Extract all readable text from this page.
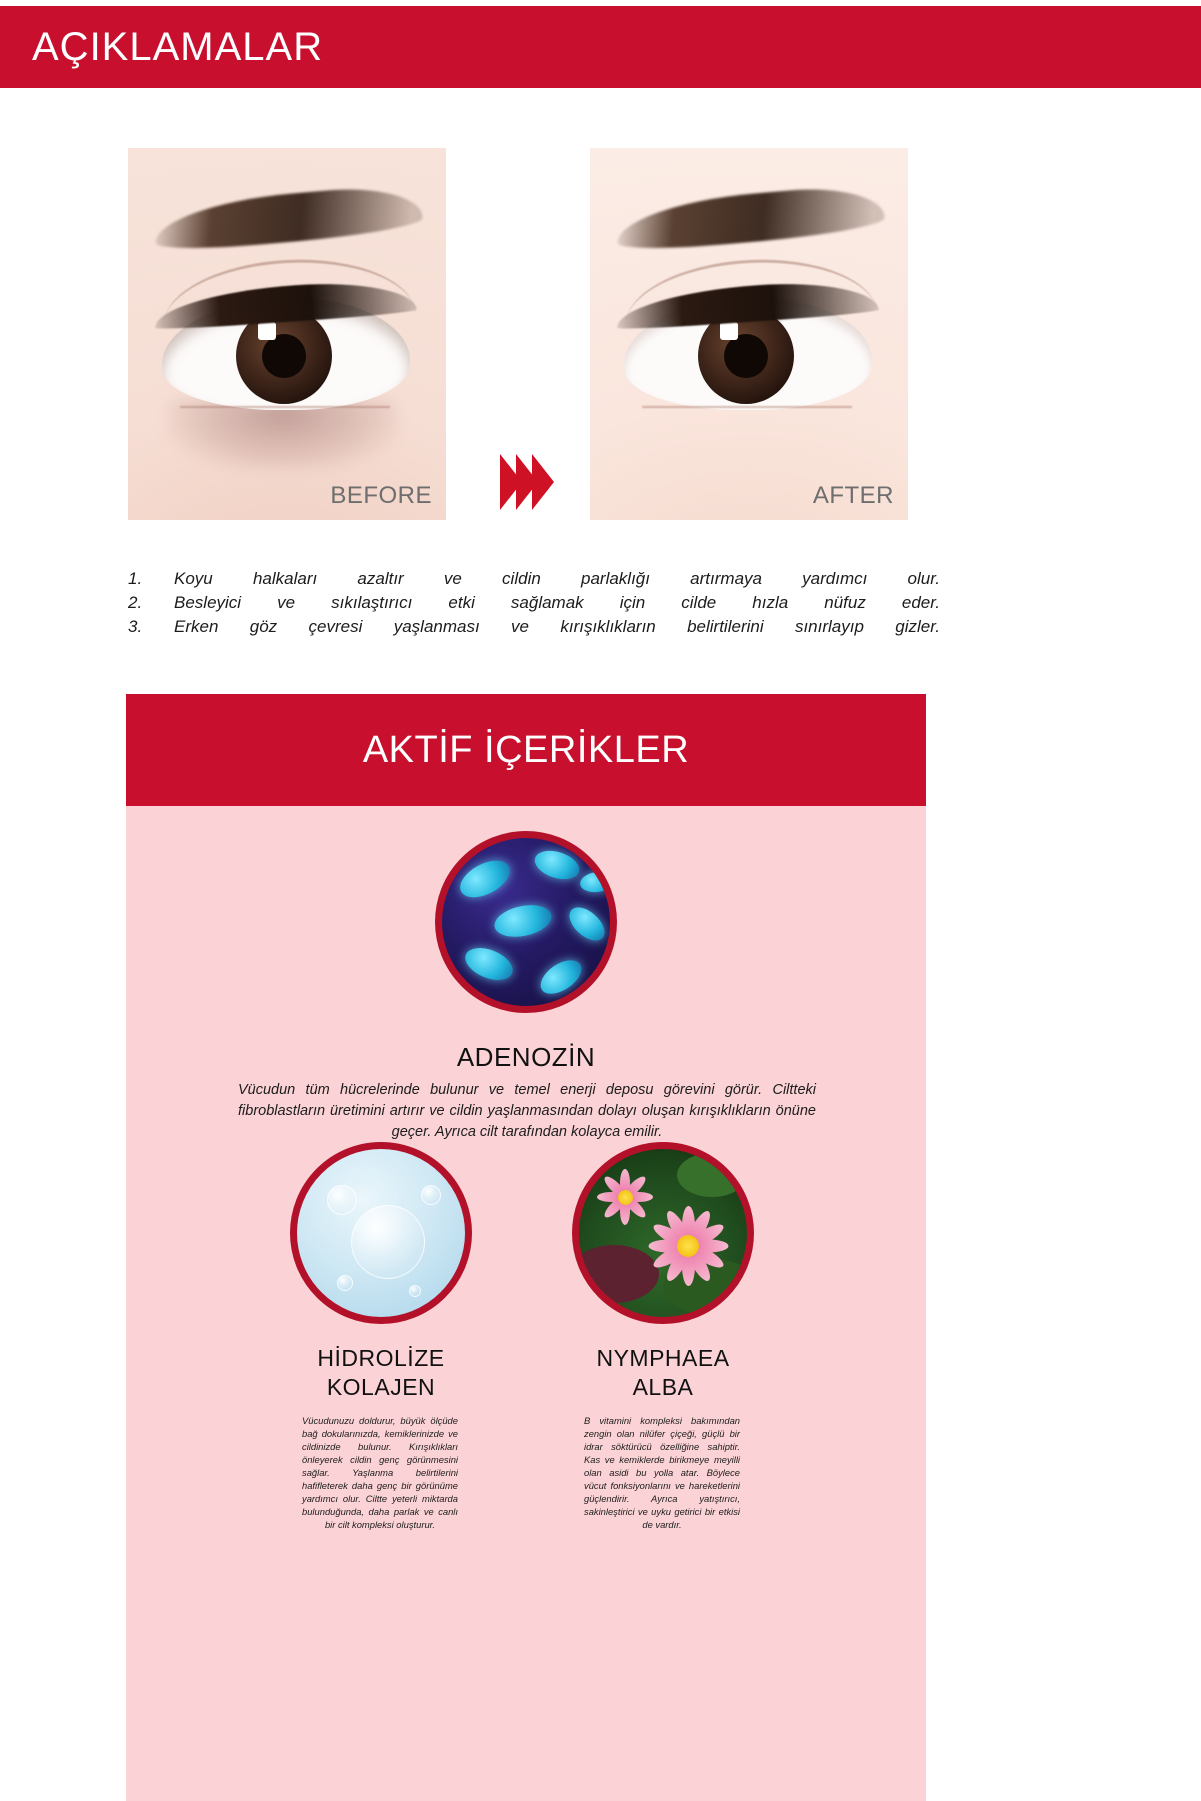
AÇIKLAMALAR
BEFORE	AFTER
1.	Koyu halkaları azaltır ve cildin parlaklığı artırmaya yardımcı olur.
2.	Besleyici ve sıkılaştırıcı etki sağlamak için cilde hızla nüfuz eder.
3.	Erken göz çevresi yaşlanması ve kırışıklıkların belirtilerini sınırlayıp gizler.
AKTİF İÇERİKLER
ADENOZİN
Vücudun tüm hücrelerinde bulunur ve temel enerji deposu görevini görür. Ciltteki fibroblastların üretimini artırır ve cildin yaşlanmasından dolayı oluşan kırışıklıkların önüne geçer. Ayrıca cilt tarafından kolayca emilir.
HİDROLİZE
KOLAJEN
Vücudunuzu doldurur, büyük ölçüde bağ dokularınızda, kemiklerinizde ve cildinizde bulunur. Kırışıklıkları önleyerek cildin genç görünmesini sağlar. Yaşlanma belirtilerini hafifleterek daha genç bir görünüme yardımcı olur. Ciltte yeterli miktarda bulunduğunda, daha parlak ve canlı bir cilt kompleksi oluşturur.
NYMPHAEA
ALBA
B vitamini kompleksi bakımından zengin olan nilüfer çiçeği, güçlü bir idrar söktürücü özelliğine sahiptir. Kas ve kemiklerde birikmeye meyilli olan asidi bu yolla atar. Böylece vücut fonksiyonlarını ve hareketlerini güçlendirir. Ayrıca yatıştırıcı, sakinleştirici ve uyku getirici bir etkisi de vardır.
